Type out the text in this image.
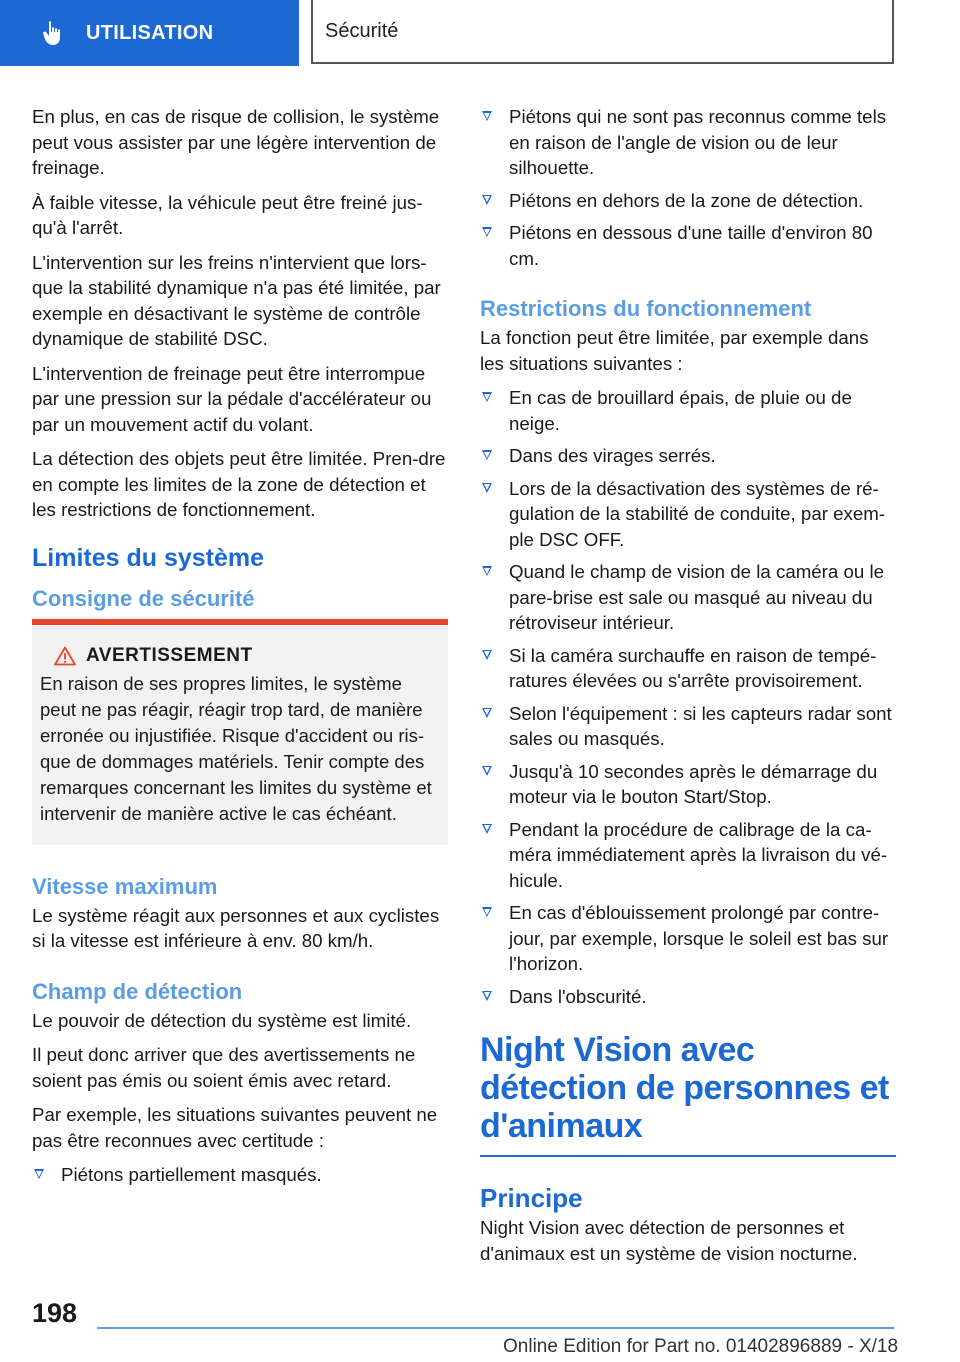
UTILISATION	Sécurité

En plus, en cas de risque de collision, le système peut vous assister par une légère intervention de freinage.

À faible vitesse, la véhicule peut être freiné jus-qu'à l'arrêt.

L'intervention sur les freins n'intervient que lors-que la stabilité dynamique n'a pas été limitée, par exemple en désactivant le système de contrôle dynamique de stabilité DSC.

L'intervention de freinage peut être interrompue par une pression sur la pédale d'accélérateur ou par un mouvement actif du volant.

La détection des objets peut être limitée. Pren-dre en compte les limites de la zone de détection et les restrictions de fonctionnement.

Limites du système
Consigne de sécurité
AVERTISSEMENT

En raison de ses propres limites, le système peut ne pas réagir, réagir trop tard, de manière erronée ou injustifiée. Risque d'accident ou ris-que de dommages matériels. Tenir compte des remarques concernant les limites du système et intervenir de manière active le cas échéant.

Vitesse maximum

Le système réagit aux personnes et aux cyclistes si la vitesse est inférieure à env. 80 km/h.

Champ de détection

Le pouvoir de détection du système est limité.

Il peut donc arriver que des avertissements ne soient pas émis ou soient émis avec retard.

Par exemple, les situations suivantes peuvent ne pas être reconnues avec certitude :

Piétons partiellement masqués.
Piétons qui ne sont pas reconnus comme tels en raison de l'angle de vision ou de leur silhouette.
Piétons en dehors de la zone de détection.
Piétons en dessous d'une taille d'environ 80 cm.
Restrictions du fonctionnement

La fonction peut être limitée, par exemple dans les situations suivantes :

En cas de brouillard épais, de pluie ou de neige.
Dans des virages serrés.
Lors de la désactivation des systèmes de ré-gulation de la stabilité de conduite, par exem-ple DSC OFF.
Quand le champ de vision de la caméra ou le pare-brise est sale ou masqué au niveau du rétroviseur intérieur.
Si la caméra surchauffe en raison de tempé-ratures élevées ou s'arrête provisoirement.
Selon l'équipement : si les capteurs radar sont sales ou masqués.
Jusqu'à 10 secondes après le démarrage du moteur via le bouton Start/Stop.
Pendant la procédure de calibrage de la ca-méra immédiatement après la livraison du vé-hicule.
En cas d'éblouissement prolongé par contre-jour, par exemple, lorsque le soleil est bas sur l'horizon.
Dans l'obscurité.
Night Vision avec détection de personnes et d'animaux
Principe

Night Vision avec détection de personnes et d'animaux est un système de vision nocturne.

198
Online Edition for Part no. 01402896889 - X/18
